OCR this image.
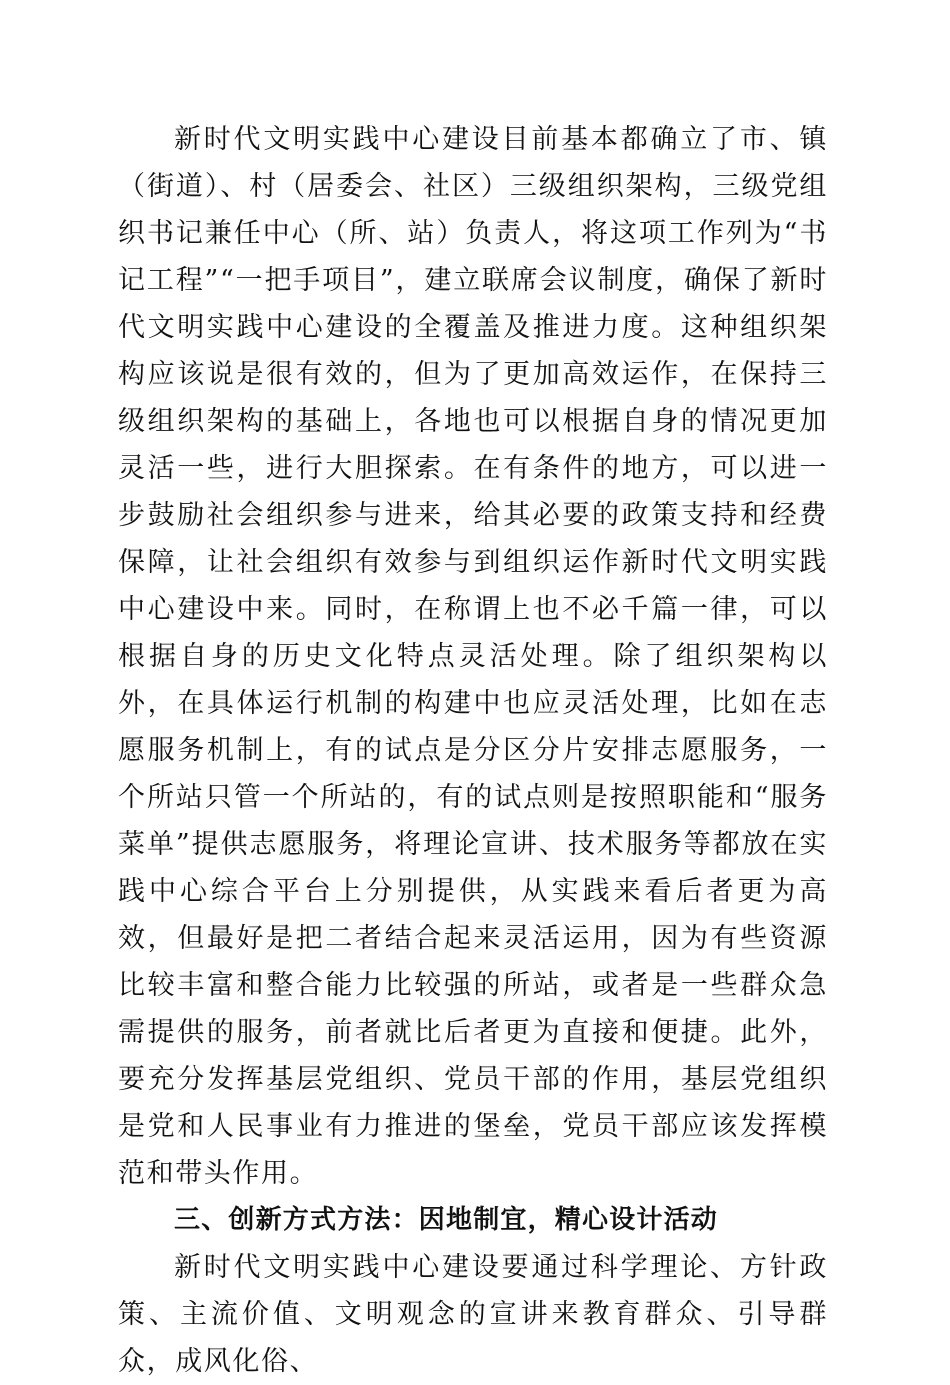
新时代文明实践中心建设目前基本都确立了市、镇（街道）、村（居委会、社区）三级组织架构，三级党组织书记兼任中心（所、站）负责人，将这项工作列为“书记工程”“一把手项目”，建立联席会议制度，确保了新时代文明实践中心建设的全覆盖及推进力度。这种组织架构应该说是很有效的，但为了更加高效运作，在保持三级组织架构的基础上，各地也可以根据自身的情况更加灵活一些，进行大胆探索。在有条件的地方，可以进一步鼓励社会组织参与进来，给其必要的政策支持和经费保障，让社会组织有效参与到组织运作新时代文明实践中心建设中来。同时，在称谓上也不必千篇一律，可以根据自身的历史文化特点灵活处理。除了组织架构以外，在具体运行机制的构建中也应灵活处理，比如在志愿服务机制上，有的试点是分区分片安排志愿服务，一个所站只管一个所站的，有的试点则是按照职能和“服务菜单”提供志愿服务，将理论宣讲、技术服务等都放在实践中心综合平台上分别提供，从实践来看后者更为高效，但最好是把二者结合起来灵活运用，因为有些资源比较丰富和整合能力比较强的所站，或者是一些群众急需提供的服务，前者就比后者更为直接和便捷。此外，要充分发挥基层党组织、党员干部的作用，基层党组织是党和人民事业有力推进的堡垒，党员干部应该发挥模范和带头作用。

三、创新方式方法：因地制宜，精心设计活动

新时代文明实践中心建设要通过科学理论、方针政策、主流价值、文明观念的宣讲来教育群众、引导群众，成风化俗、
